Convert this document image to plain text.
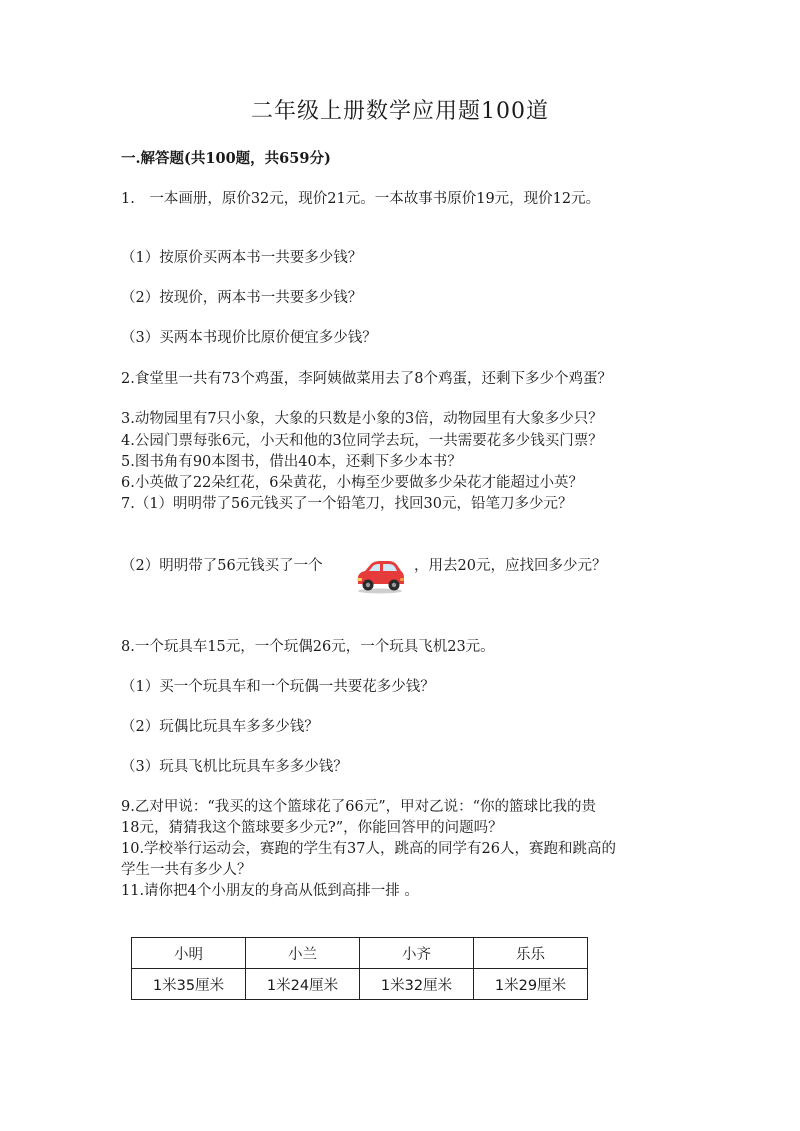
二年级上册数学应用题100道
一.解答题(共100题，共659分)
1.　一本画册，原价32元，现价21元。一本故事书原价19元，现价12元。
（1）按原价买两本书一共要多少钱？
（2）按现价，两本书一共要多少钱？
（3）买两本书现价比原价便宜多少钱？
2.食堂里一共有73个鸡蛋，李阿姨做菜用去了8个鸡蛋，还剩下多少个鸡蛋？
3.动物园里有7只小象，大象的只数是小象的3倍，动物园里有大象多少只？
4.公园门票每张6元，小天和他的3位同学去玩，一共需要花多少钱买门票？
5.图书角有90本图书，借出40本，还剩下多少本书？
6.小英做了22朵红花，6朵黄花，小梅至少要做多少朵花才能超过小英？
7.（1）明明带了56元钱买了一个铅笔刀，找回30元，铅笔刀多少元？
（2）明明带了56元钱买了一个	，用去20元，应找回多少元？
8.一个玩具车15元，一个玩偶26元，一个玩具飞机23元。
（1）买一个玩具车和一个玩偶一共要花多少钱？
（2）玩偶比玩具车多多少钱？
（3）玩具飞机比玩具车多多少钱？
9.乙对甲说：“我买的这个篮球花了66元”，甲对乙说：“你的篮球比我的贵
18元，猜猜我这个篮球要多少元?”，你能回答甲的问题吗？
10.学校举行运动会，赛跑的学生有37人，跳高的同学有26人，赛跑和跳高的
学生一共有多少人？
11.请你把4个小朋友的身高从低到高排一排 。
小明	小兰	小齐	乐乐
1米35厘米	1米24厘米	1米32厘米	1米29厘米
